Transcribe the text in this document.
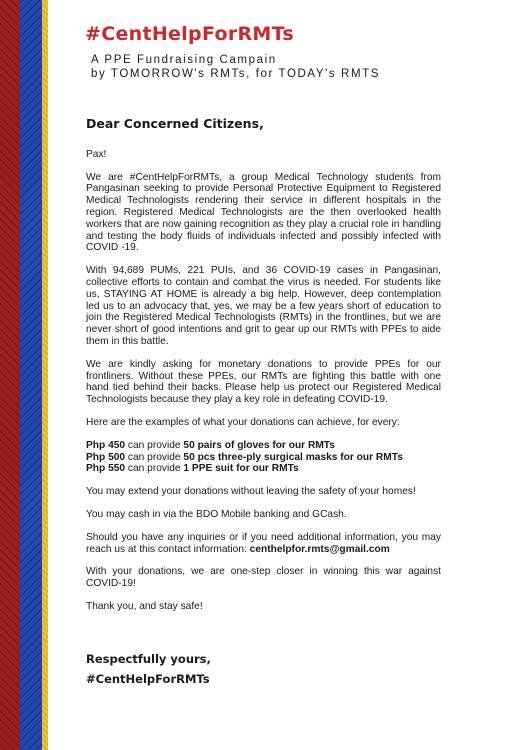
#CentHelpForRMTs
A PPE Fundraising Campain
by TOMORROW's RMTs, for TODAY's RMTS
Dear Concerned Citizens,

Pax!

We are #CentHelpForRMTs, a group Medical Technology students from Pangasinan seeking to provide Personal Protective Equipment to Registered Medical Technologists rendering their service in different hospitals in the region. Registered Medical Technologists are the then overlooked health workers that are now gaining recognition as they play a crucial role in handling and testing the body fluids of individuals infected and possibly infected with COVID -19.

With 94,689 PUMs, 221 PUIs, and 36 COVID-19 cases in Pangasinan, collective efforts to contain and combat the virus is needed. For students like us, STAYING AT HOME is already a big help. However, deep contemplation led us to an advocacy that, yes, we may be a few years short of education to join the Registered Medical Technologists (RMTs) in the frontlines, but we are never short of good intentions and grit to gear up our RMTs with PPEs to aide them in this battle.

We are kindly asking for monetary donations to provide PPEs for our frontliners. Without these PPEs, our RMTs are fighting this battle with one hand tied behind their backs. Please help us protect our Registered Medical Technologists because they play a key role in defeating COVID-19.

Here are the examples of what your donations can achieve, for every:

Php 450 can provide 50 pairs of gloves for our RMTs
Php 500 can provide 50 pcs three-ply surgical masks for our RMTs
Php 550 can provide 1 PPE suit for our RMTs

You may extend your donations without leaving the safety of your homes!

You may cash in via the BDO Mobile banking and GCash.

Should you have any inquiries or if you need additional information, you may reach us at this contact information: centhelpfor.rmts@gmail.com

With your donations, we are one-step closer in winning this war against COVID-19!

Thank you, and stay safe!

Respectfully yours,
#CentHelpForRMTs
